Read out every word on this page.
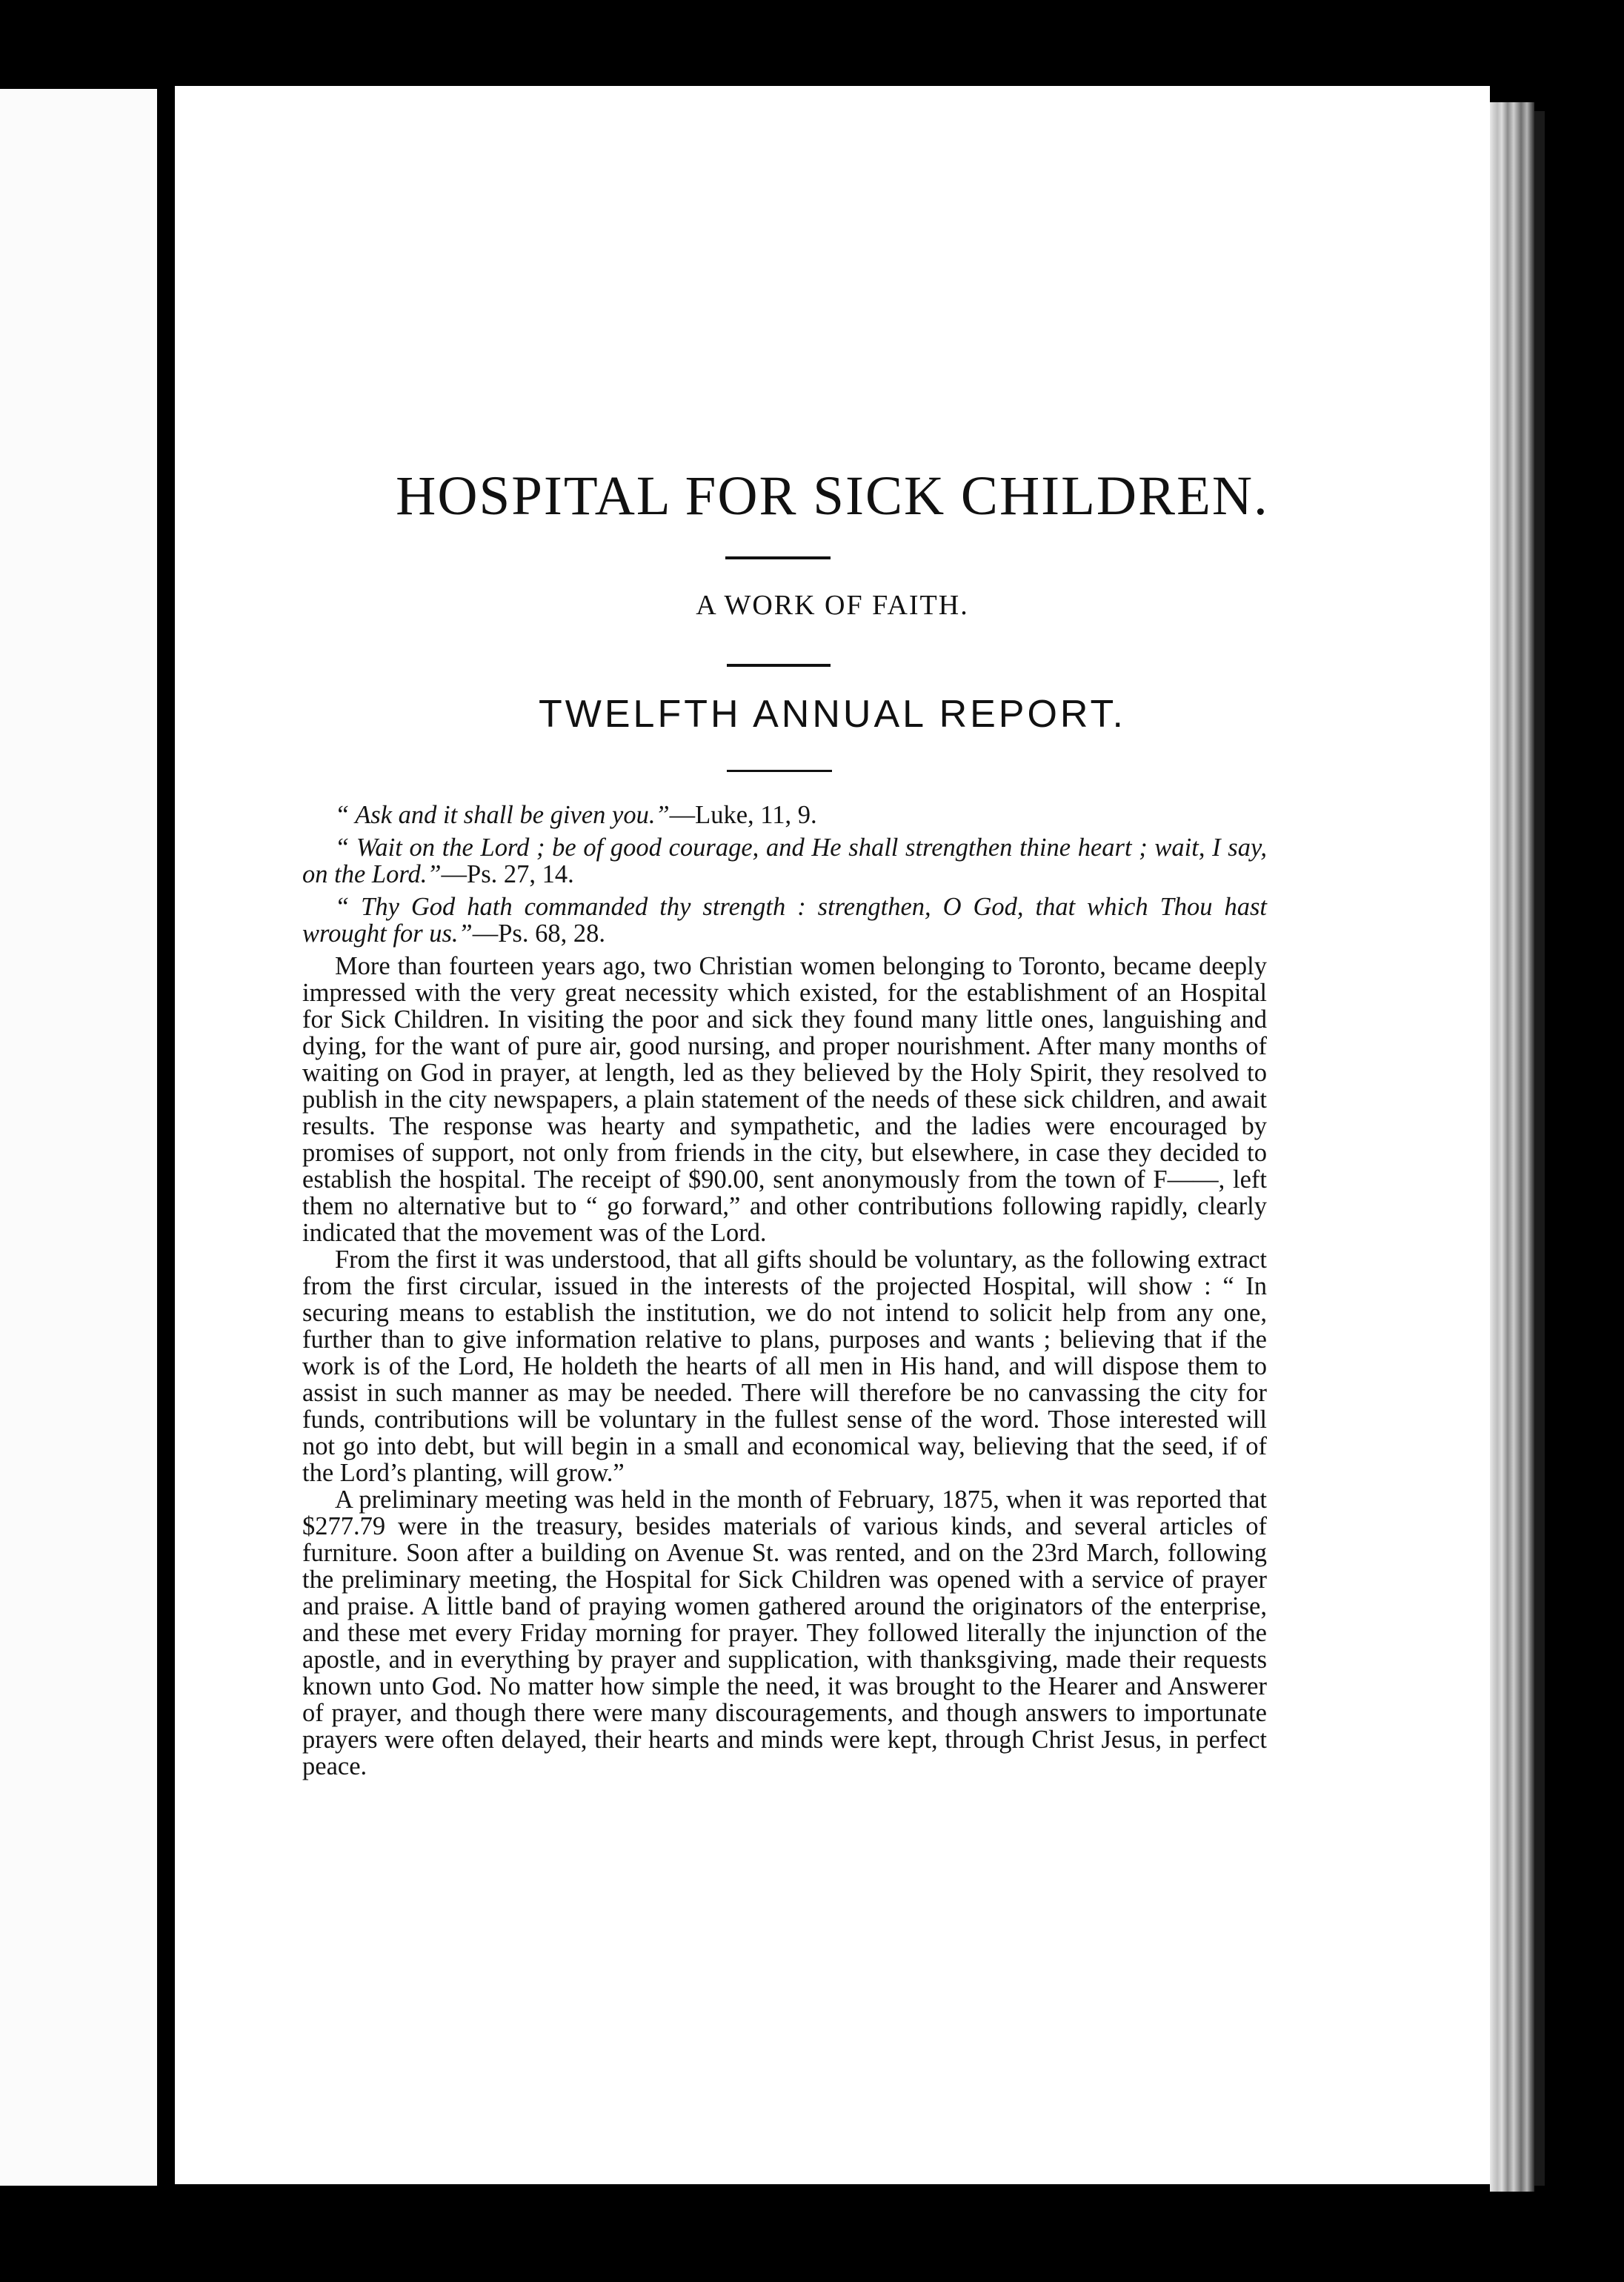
HOSPITAL FOR SICK CHILDREN.
A WORK OF FAITH.
TWELFTH ANNUAL REPORT.

“ Ask and it shall be given you.”—Luke, 11, 9.

“ Wait on the Lord ; be of good courage, and He shall strengthen thine heart ; wait, I say, on the Lord.”—Ps. 27, 14.

“ Thy God hath commanded thy strength : strengthen, O God, that which Thou hast wrought for us.”—Ps. 68, 28.

More than fourteen years ago, two Christian women belonging to Toronto, became deeply impressed with the very great necessity which existed, for the establishment of an Hospital for Sick Children. In visiting the poor and sick they found many little ones, languishing and dying, for the want of pure air, good nursing, and proper nourishment. After many months of waiting on God in prayer, at length, led as they believed by the Holy Spirit, they resolved to publish in the city newspapers, a plain statement of the needs of these sick children, and await results. The response was hearty and sympathetic, and the ladies were encouraged by promises of support, not only from friends in the city, but elsewhere, in case they decided to establish the hospital. The receipt of $90.00, sent anonymously from the town of F——, left them no alternative but to “ go forward,” and other contributions following rapidly, clearly indicated that the movement was of the Lord.

From the first it was understood, that all gifts should be voluntary, as the following extract from the first circular, issued in the interests of the projected Hospital, will show : “ In securing means to establish the institution, we do not intend to solicit help from any one, further than to give information relative to plans, purposes and wants ; believing that if the work is of the Lord, He holdeth the hearts of all men in His hand, and will dispose them to assist in such manner as may be needed. There will therefore be no canvassing the city for funds, contributions will be voluntary in the fullest sense of the word. Those interested will not go into debt, but will begin in a small and economical way, believing that the seed, if of the Lord’s planting, will grow.”

A preliminary meeting was held in the month of February, 1875, when it was reported that $277.79 were in the treasury, besides materials of various kinds, and several articles of furniture. Soon after a building on Avenue St. was rented, and on the 23rd March, following the preliminary meeting, the Hospital for Sick Children was opened with a service of prayer and praise. A little band of praying women gathered around the originators of the enterprise, and these met every Friday morning for prayer. They followed literally the injunction of the apostle, and in everything by prayer and supplication, with thanksgiving, made their requests known unto God. No matter how simple the need, it was brought to the Hearer and Answerer of prayer, and though there were many discouragements, and though answers to importunate prayers were often delayed, their hearts and minds were kept, through Christ Jesus, in perfect peace.
